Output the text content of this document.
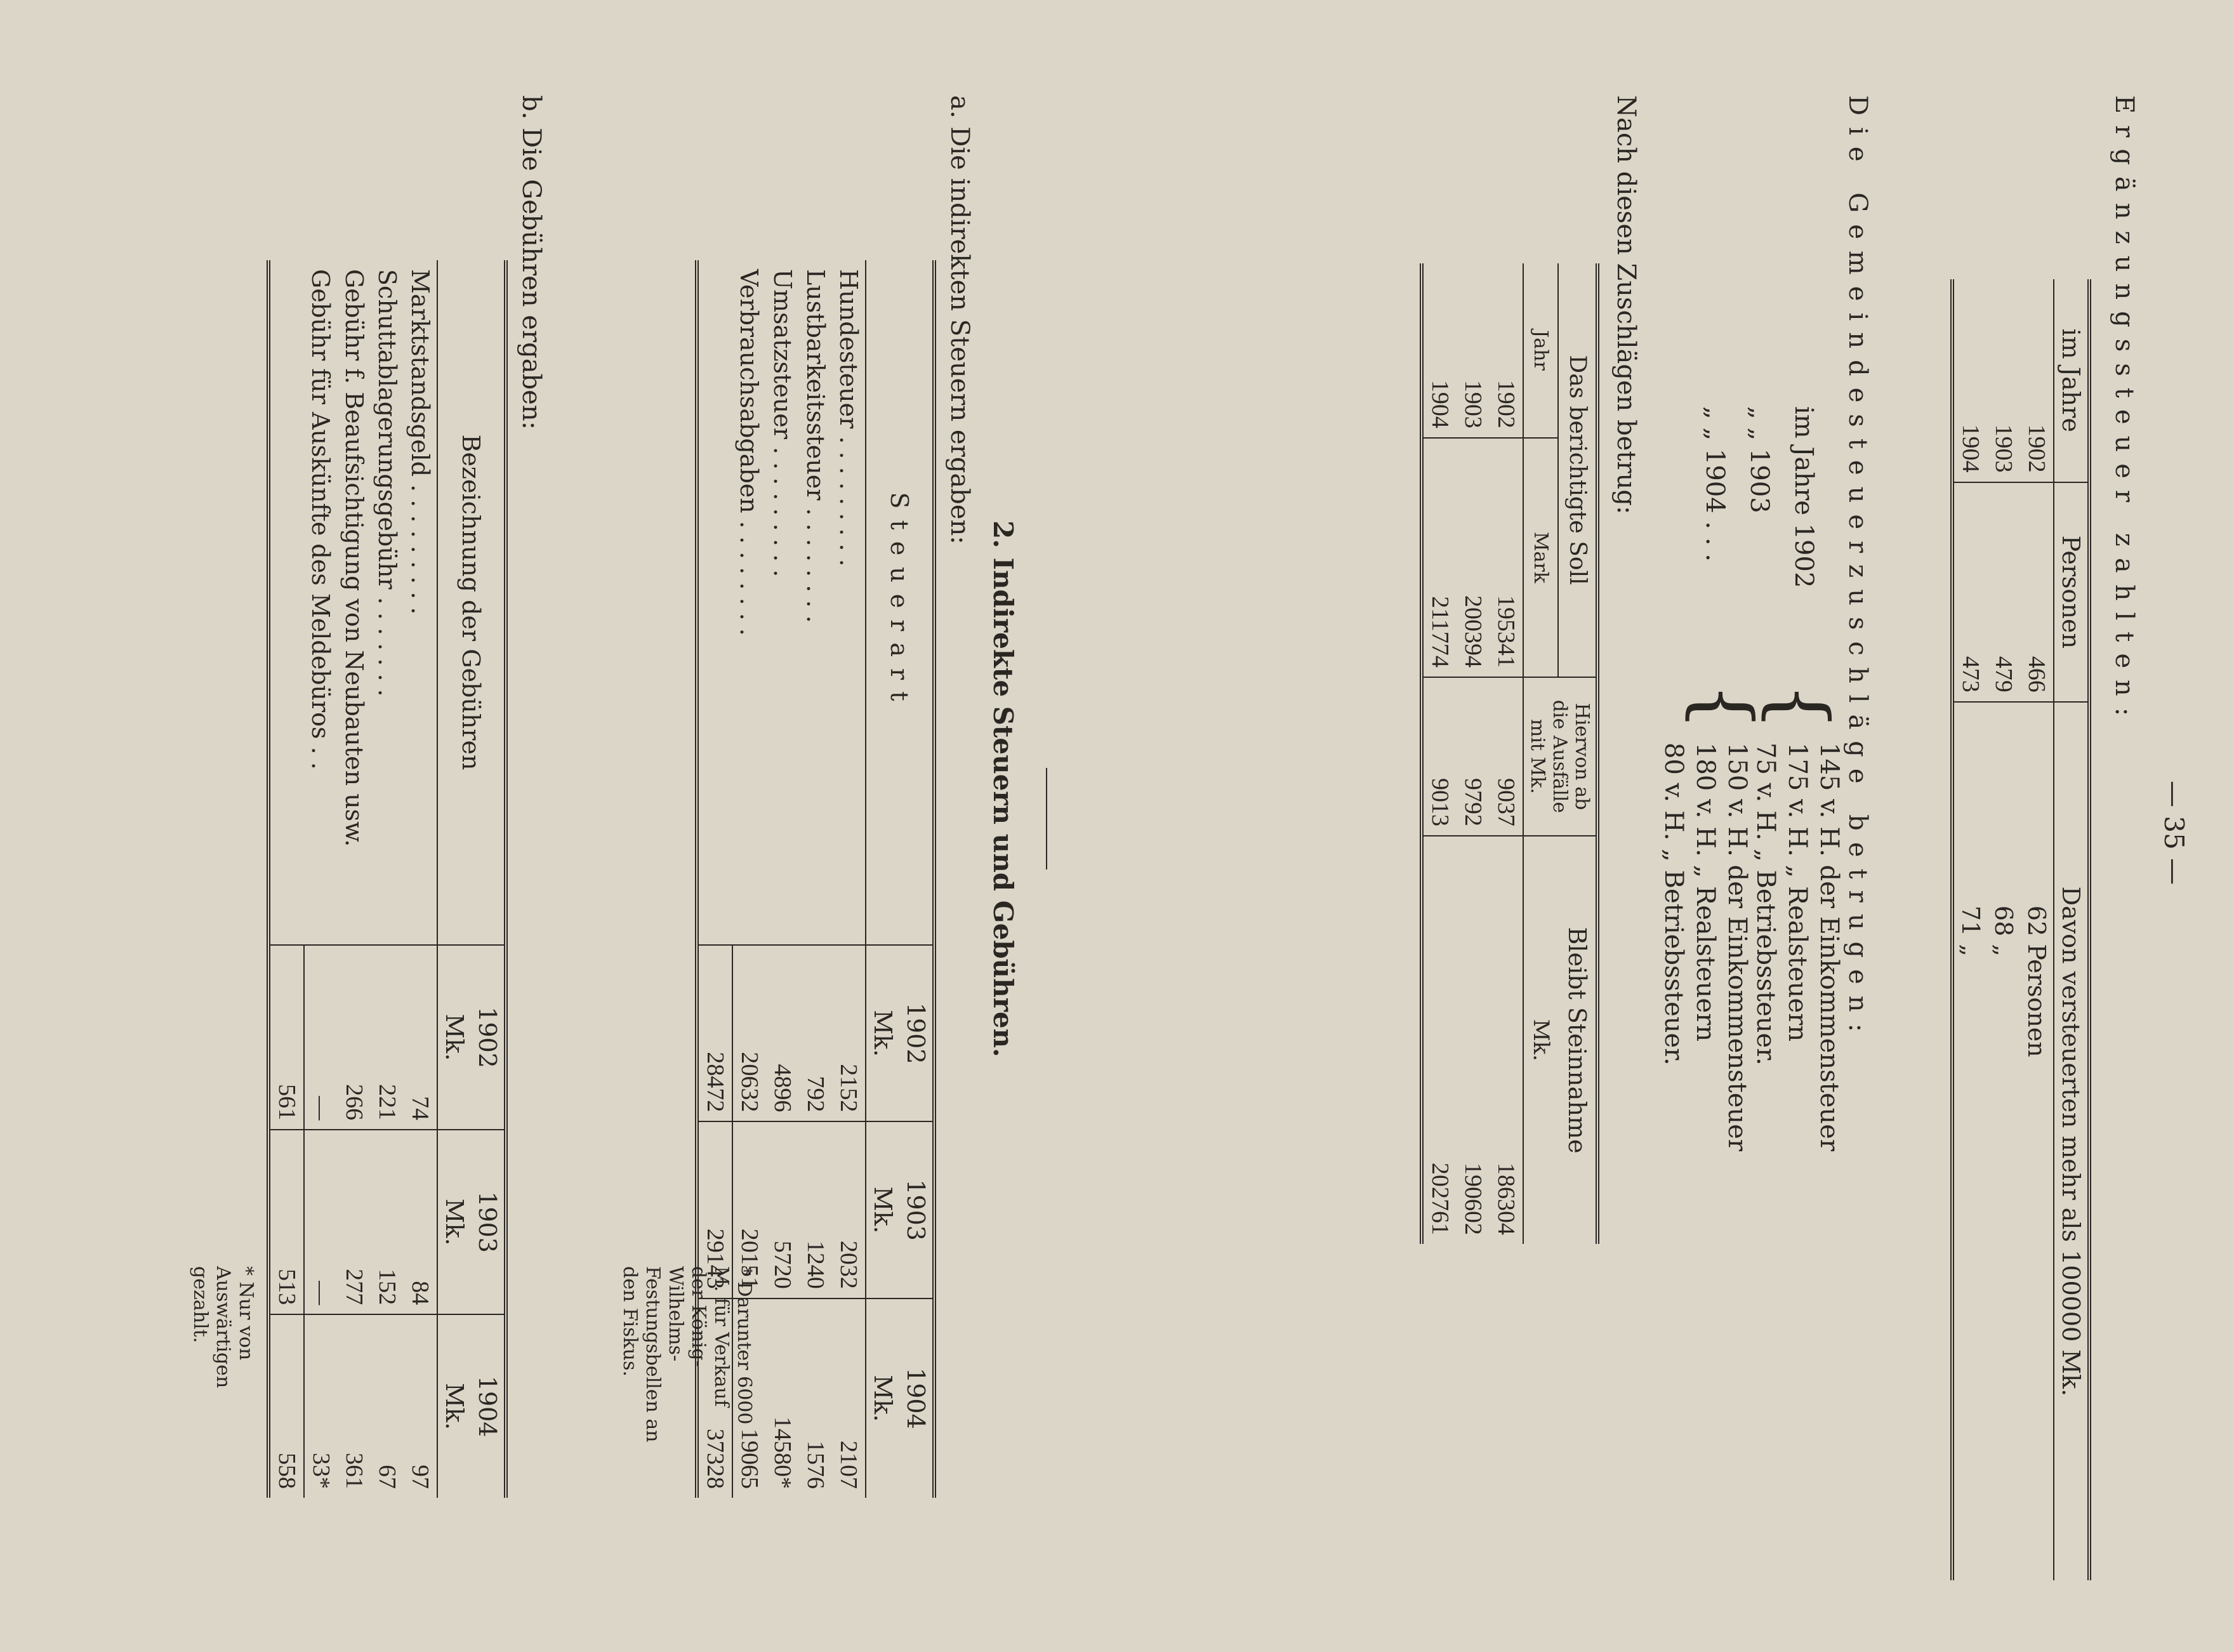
— 35 —
Ergänzungssteuer zahlten:
im Jahre	Personen	Davon versteuerten mehr als 100000 Mk.
1902	466	62 Personen
1903	479	68 „
1904	473	71 „
Die Gemeindesteuerzuschläge betrugen:
im Jahre 1902
„ „ 1903
„ „ 1904 . . .
{
{
145 v. H. der Einkommensteuer
175 v. H. „ Realsteuern
75 v. H. „ Betriebssteuer.
150 v. H. der Einkommensteuer
180 v. H. „ Realsteuern
80 v. H. „ Betriebssteuer.
Nach diesen Zuschlägen betrug:
Das berichtigte Soll		Hiervon ab die Ausfälle mit Mk.	Bleibt Steinnahme
Jahr	Mark		Mk.
1902	195341	9037	186304
1903	200394	9792	190602
1904	211774	9013	202761
2. Indirekte Steuern und Gebühren.
a. Die indirekten Steuern ergaben:
Steuerart	1902	1903	1904
	Mk.	Mk.	Mk.
Hundesteuer . . . . . . . . .	2152	2032	2107
Lustbarkeitssteuer . . . . . . . .	792	1240	1576
Umsatzsteuer . . . . . . . . .	4896	5720	14580*
Verbrauchsabgaben . . . . . . . .	20632	20151	19065
	28472	29143	37328
* Darunter 6000 M. für Verkauf der König-Wilhelms-Festungsbellen an den Fiskus.
b. Die Gebühren ergaben:
Bezeichnung der Gebühren	1902	1903	1904
	Mk.	Mk.	Mk.
Marktstandsgeld . . . . . . . . .	74	84	97
Schuttablagerungsgebühr . . . . . . .	221	152	67
Gebühr f. Beaufsichtigung von Neubauten usw.	266	277	361
Gebühr für Auskünfte des Meldebüros . .	—	—	33*
	561	513	558
* Nur von Auswärtigen gezahlt.
